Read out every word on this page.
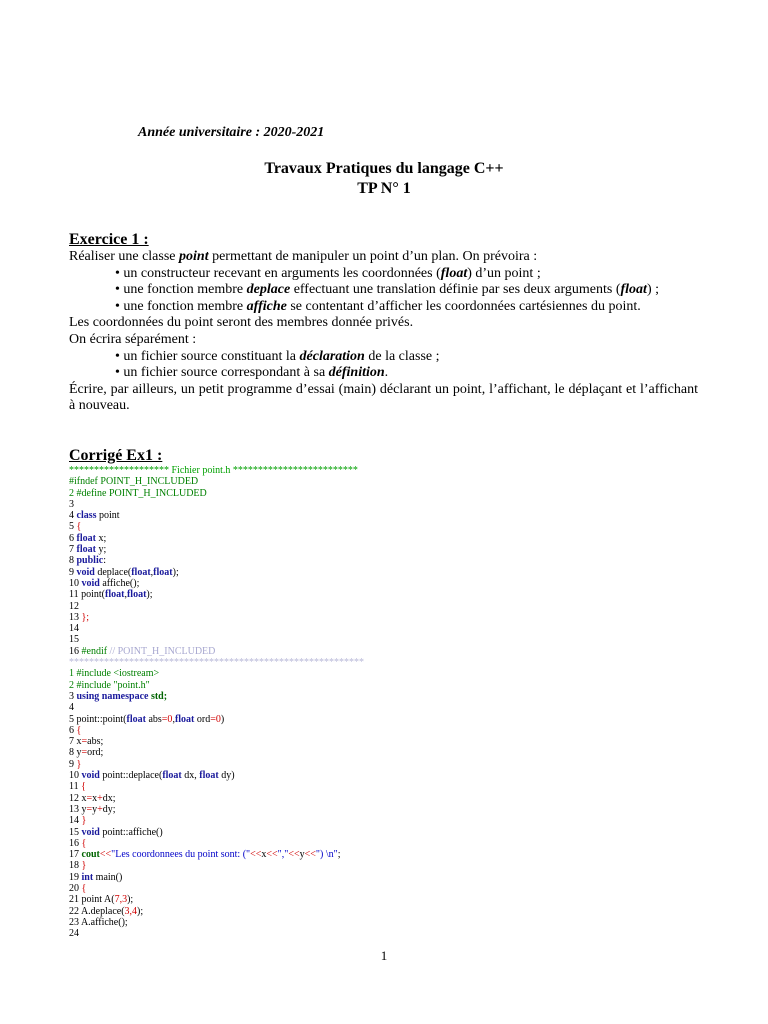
Année universitaire : 2020-2021
Travaux Pratiques du langage C++
TP N° 1
Exercice 1 :

Réaliser une classe point permettant de manipuler un point d’un plan. On prévoira :

• un constructeur recevant en arguments les coordonnées (float) d’un point ;

• une fonction membre deplace effectuant une translation définie par ses deux arguments (float) ;

• une fonction membre affiche se contentant d’afficher les coordonnées cartésiennes du point.

Les coordonnées du point seront des membres donnée privés.

On écrira séparément :

• un fichier source constituant la déclaration de la classe ;

• un fichier source correspondant à sa définition.

Écrire, par ailleurs, un petit programme d’essai (main) déclarant un point, l’affichant, le déplaçant et l’affichant à nouveau.

Corrigé Ex1 :
******************** Fichier point.h *************************
#ifndef POINT_H_INCLUDED
2 #define POINT_H_INCLUDED
3
4 class point
5 {
6 float x;
7 float y;
8 public:
9 void deplace(float,float);
10 void affiche();
11 point(float,float);
12
13 };
14
15
16 #endif // POINT_H_INCLUDED
***********************************************************
1 #include <iostream>
2 #include "point.h"
3 using namespace std;
4
5 point::point(float abs=0,float ord=0)
6 {
7 x=abs;
8 y=ord;
9 }
10 void point::deplace(float dx, float dy)
11 {
12 x=x+dx;
13 y=y+dy;
14 }
15 void point::affiche()
16 {
17 cout<<"Les coordonnees du point sont: ("<<x<<","<<y<<") \n";
18 }
19 int main()
20 {
21 point A(7,3);
22 A.deplace(3,4);
23 A.affiche();
24
1
